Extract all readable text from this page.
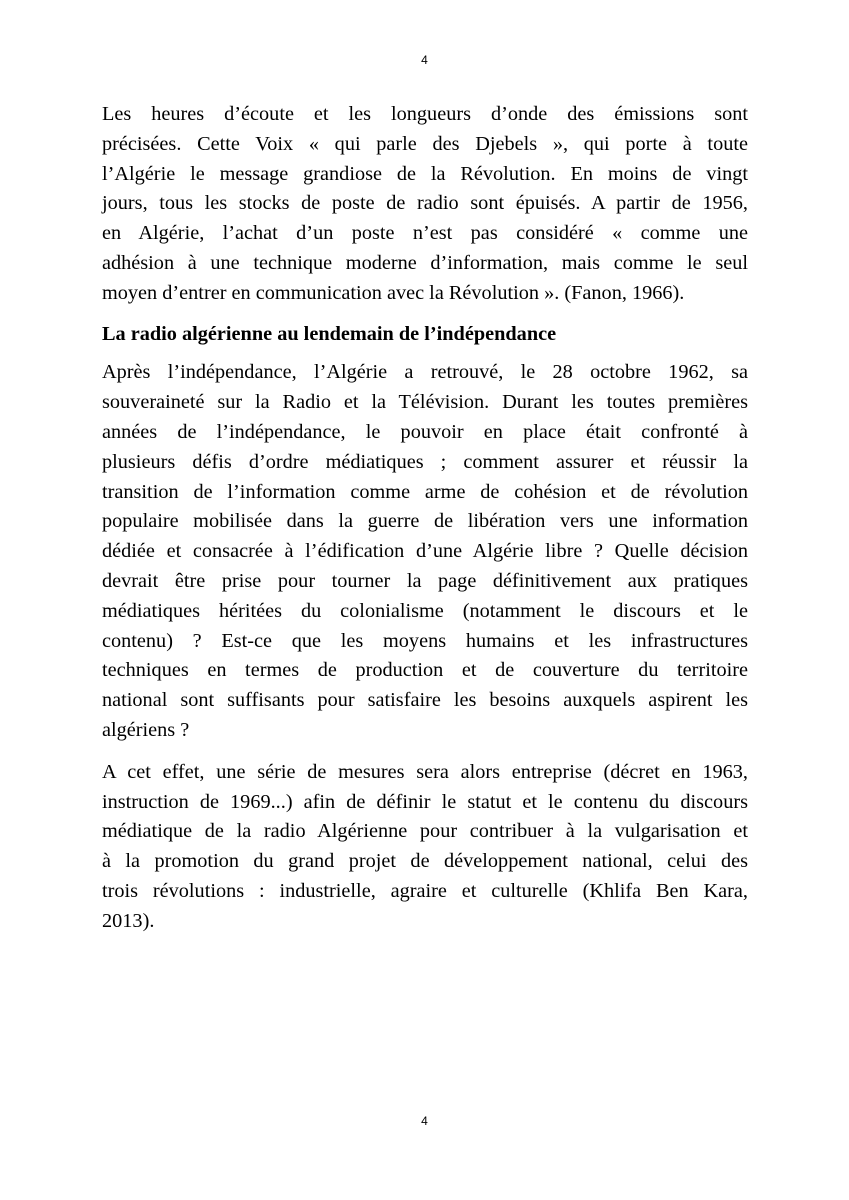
4
Les heures d’écoute et les longueurs d’onde des émissions sont
précisées. Cette Voix « qui parle des Djebels », qui porte à toute
l’Algérie le message grandiose de la Révolution. En moins de vingt
jours, tous les stocks de poste de radio sont épuisés. A partir de 1956,
en Algérie, l’achat d’un poste n’est pas considéré « comme une
adhésion à une technique moderne d’information, mais comme le seul
moyen d’entrer en communication avec la Révolution ». (Fanon, 1966).
La radio algérienne au lendemain de l’indépendance
Après l’indépendance, l’Algérie a retrouvé, le 28 octobre 1962, sa
souveraineté sur la Radio et la Télévision. Durant les toutes premières
années de l’indépendance, le pouvoir en place était confronté à
plusieurs défis d’ordre médiatiques ; comment assurer et réussir la
transition de l’information comme arme de cohésion et de révolution
populaire mobilisée dans la guerre de libération vers une information
dédiée et consacrée à l’édification d’une Algérie libre ? Quelle décision
devrait être prise pour tourner la page définitivement aux pratiques
médiatiques héritées du colonialisme (notamment le discours et le
contenu) ? Est-ce que les moyens humains et les infrastructures
techniques en termes de production et de couverture du territoire
national sont suffisants pour satisfaire les besoins auxquels aspirent les
algériens ?
A cet effet, une série de mesures sera alors entreprise (décret en 1963,
instruction de 1969...) afin de définir le statut et le contenu du discours
médiatique de la radio Algérienne pour contribuer à la vulgarisation et
à la promotion du grand projet de développement national, celui des
trois révolutions : industrielle, agraire et culturelle (Khlifa Ben Kara,
2013).
4
